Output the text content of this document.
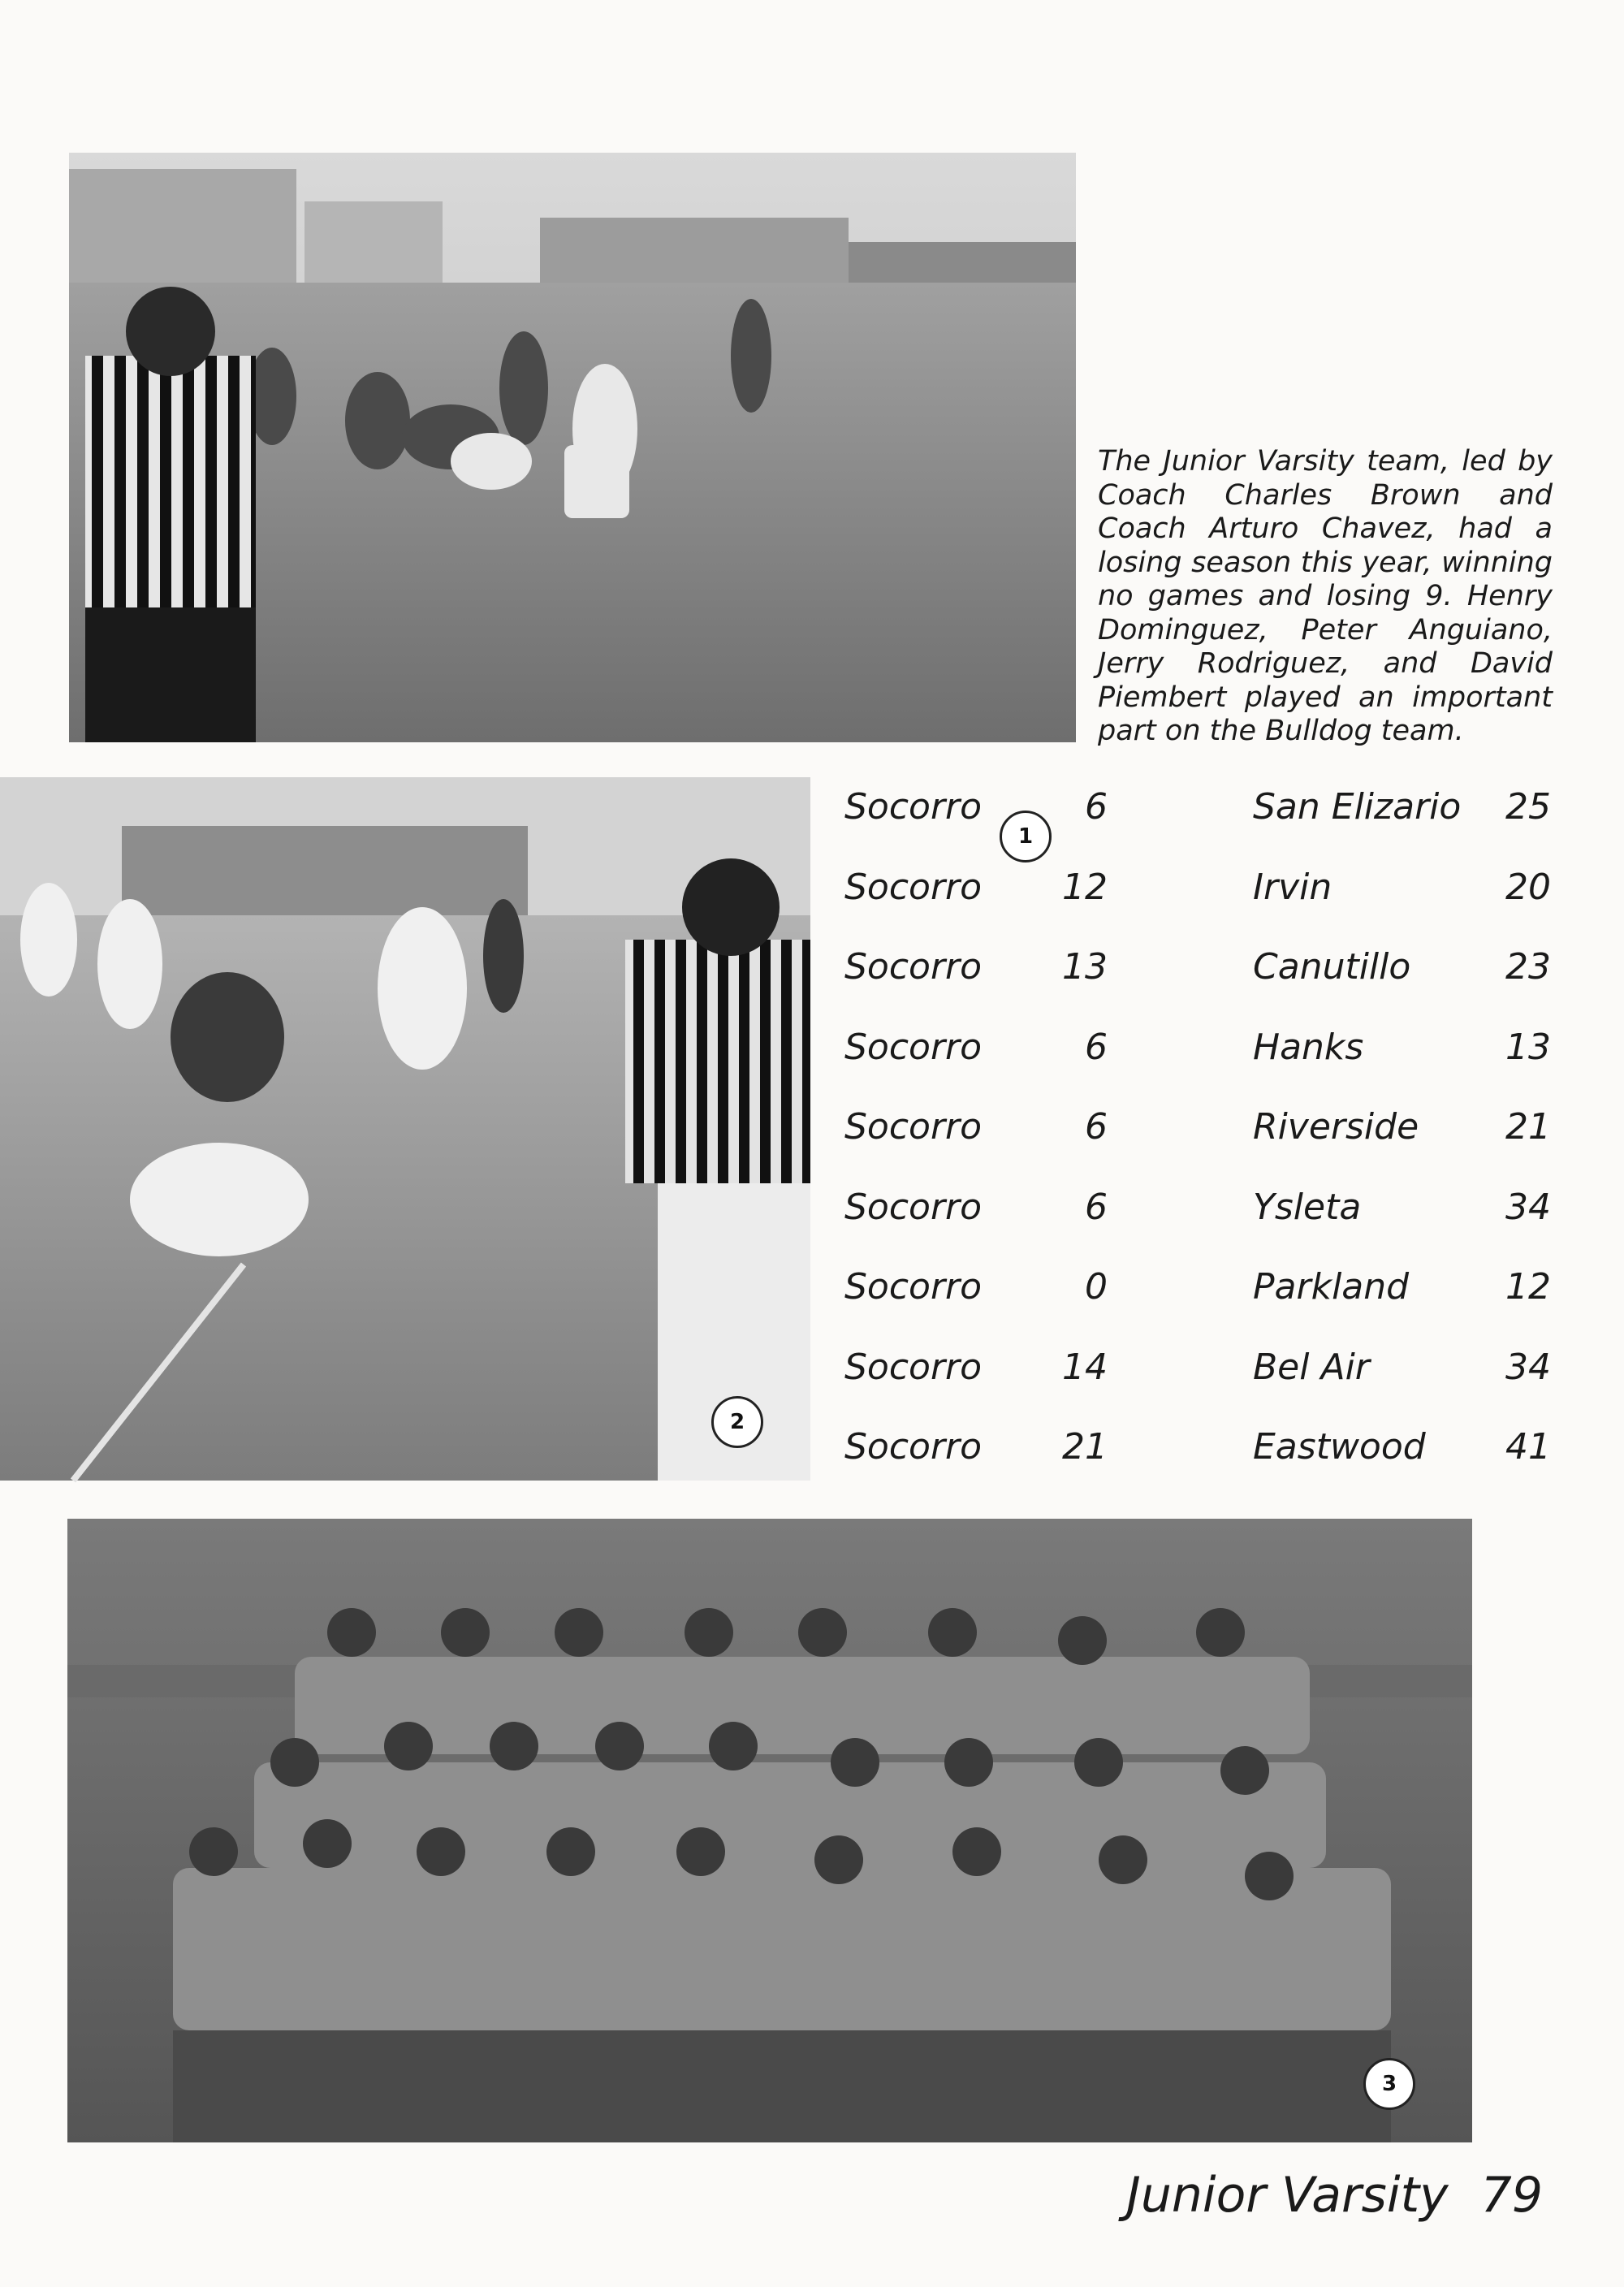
1
2
3
The Junior Varsity team, led by Coach Charles Brown and Coach Arturo Chavez, had a losing season this year, winning no games and losing 9. Henry Dominguez, Peter Anguiano, Jerry Rodriguez, and David Piembert played an important part on the Bulldog team.
Socorro	6	San Elizario 25
Socorro 12	Irvin	20
Socorro 13	Canutillo	23
Socorro	6	Hanks	13
Socorro	6	Riverside 21
Socorro	6	Ysleta	34
Socorro	0	Parkland	12
Socorro 14	Bel Air	34
Socorro 21	Eastwood 41
Junior Varsity 79
